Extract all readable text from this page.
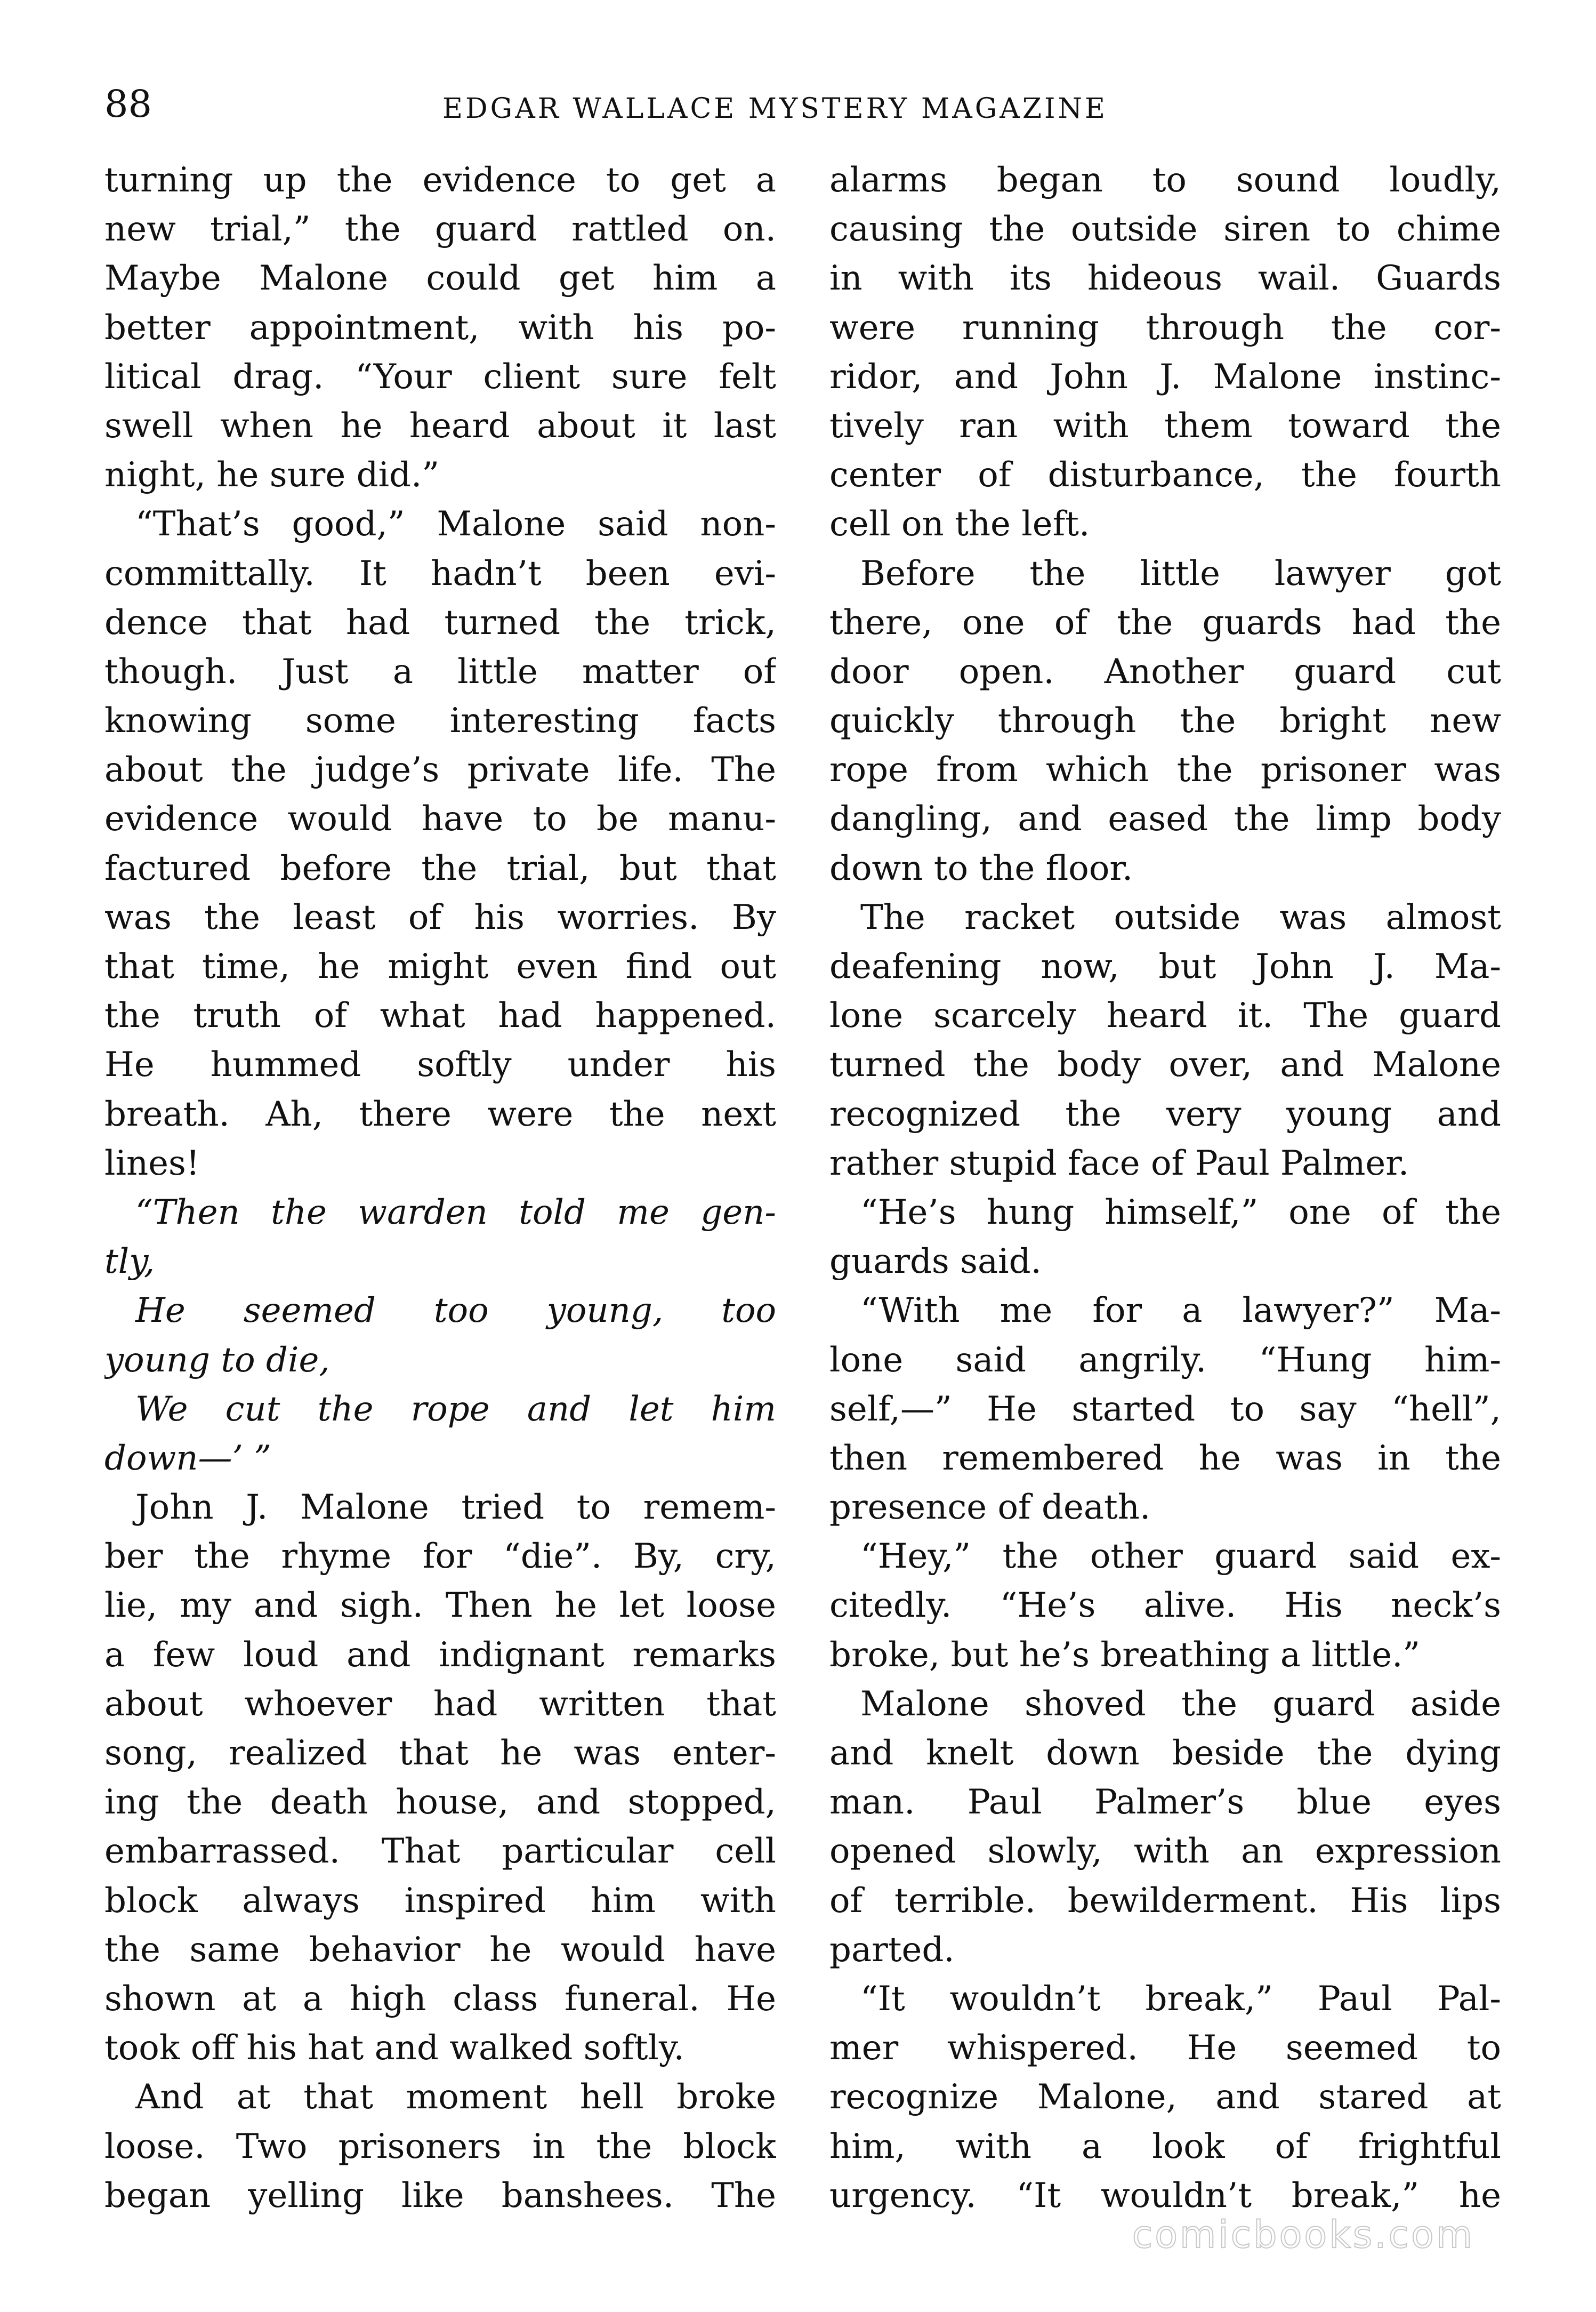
88	EDGAR WALLACE MYSTERY MAGAZINE
turning up the evidence to get a
new trial,” the guard rattled on.
Maybe Malone could get him a
better appointment, with his po-
litical drag. “Your client sure felt
swell when he heard about it last
night, he sure did.”
“That’s good,” Malone said non-
committally. It hadn’t been evi-
dence that had turned the trick,
though. Just a little matter of
knowing some interesting facts
about the judge’s private life. The
evidence would have to be manu-
factured before the trial, but that
was the least of his worries. By
that time, he might even find out
the truth of what had happened.
He hummed softly under his
breath. Ah, there were the next
lines!
“Then the warden told me gen-
tly,
He seemed too young, too
young to die,
We cut the rope and let him
down—’ ”
John J. Malone tried to remem-
ber the rhyme for “die”. By, cry,
lie, my and sigh. Then he let loose
a few loud and indignant remarks
about whoever had written that
song, realized that he was enter-
ing the death house, and stopped,
embarrassed. That particular cell
block always inspired him with
the same behavior he would have
shown at a high class funeral. He
took off his hat and walked softly.
And at that moment hell broke
loose. Two prisoners in the block
began yelling like banshees. The
alarms began to sound loudly,
causing the outside siren to chime
in with its hideous wail. Guards
were running through the cor-
ridor, and John J. Malone instinc-
tively ran with them toward the
center of disturbance, the fourth
cell on the left.
Before the little lawyer got
there, one of the guards had the
door open. Another guard cut
quickly through the bright new
rope from which the prisoner was
dangling, and eased the limp body
down to the floor.
The racket outside was almost
deafening now, but John J. Ma-
lone scarcely heard it. The guard
turned the body over, and Malone
recognized the very young and
rather stupid face of Paul Palmer.
“He’s hung himself,” one of the
guards said.
“With me for a lawyer?” Ma-
lone said angrily. “Hung him-
self,—” He started to say “hell”,
then remembered he was in the
presence of death.
“Hey,” the other guard said ex-
citedly. “He’s alive. His neck’s
broke, but he’s breathing a little.”
Malone shoved the guard aside
and knelt down beside the dying
man. Paul Palmer’s blue eyes
opened slowly, with an expression
of terrible. bewilderment. His lips
parted.
“It wouldn’t break,” Paul Pal-
mer whispered. He seemed to
recognize Malone, and stared at
him, with a look of frightful
urgency. “It wouldn’t break,” he
comicbooks.com
